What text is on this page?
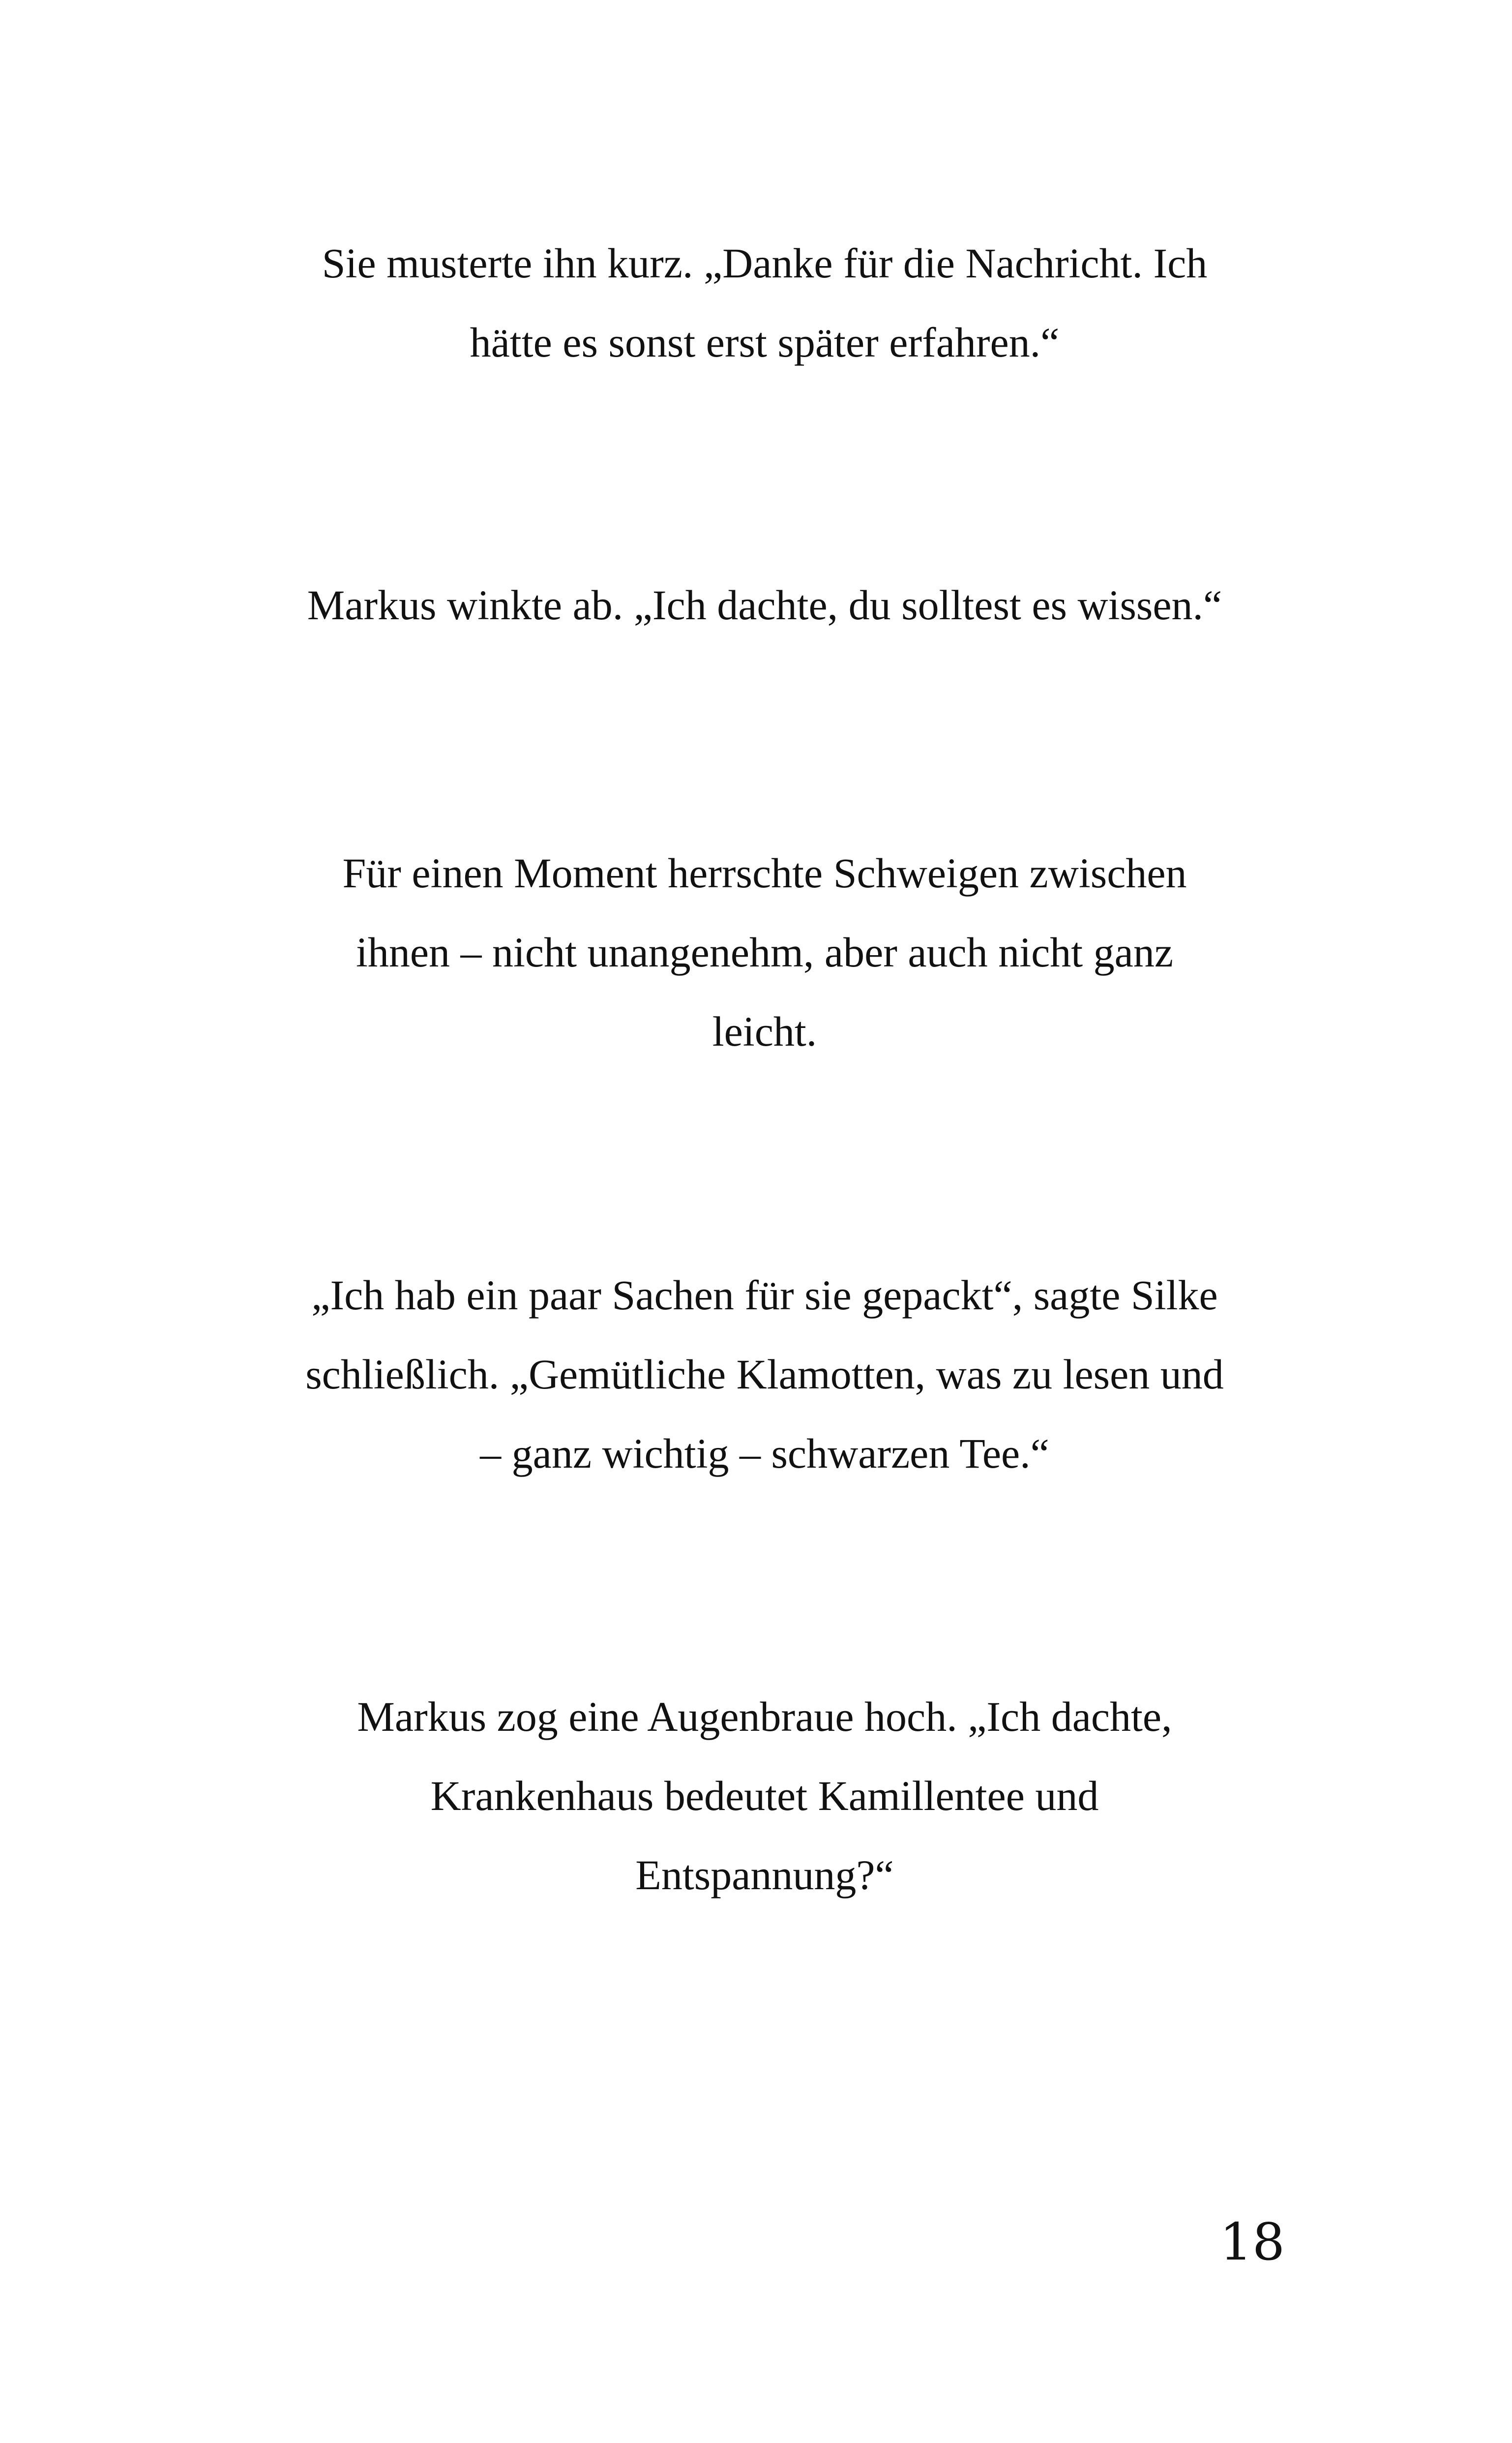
Sie musterte ihn kurz. „Danke für die Nachricht. Ich
hätte es sonst erst später erfahren.“

Markus winkte ab. „Ich dachte, du solltest es wissen.“

Für einen Moment herrschte Schweigen zwischen
ihnen – nicht unangenehm, aber auch nicht ganz
leicht.

„Ich hab ein paar Sachen für sie gepackt“, sagte Silke
schließlich. „Gemütliche Klamotten, was zu lesen und
– ganz wichtig – schwarzen Tee.“

Markus zog eine Augenbraue hoch. „Ich dachte,
Krankenhaus bedeutet Kamillentee und
Entspannung?“

18
